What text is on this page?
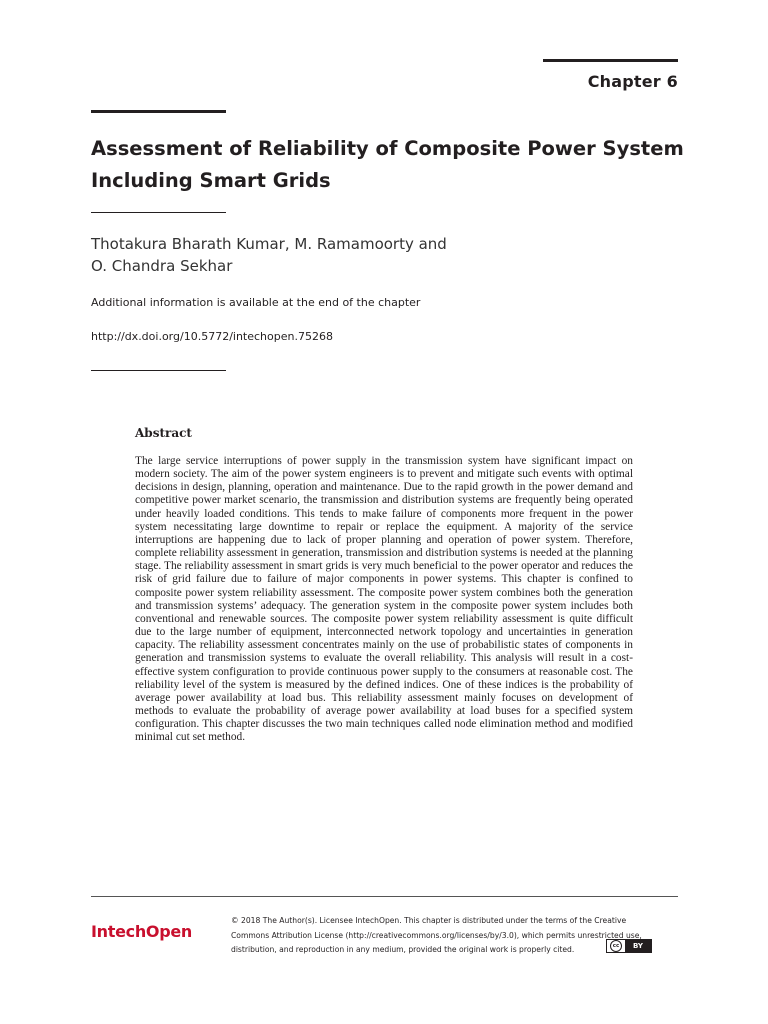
Chapter 6
Assessment of Reliability of Composite Power System Including Smart Grids

Thotakura Bharath Kumar, M. Ramamoorty and
O. Chandra Sekhar

Additional information is available at the end of the chapter

http://dx.doi.org/10.5772/intechopen.75268

Abstract

The large service interruptions of power supply in the transmission system have significant impact on modern society. The aim of the power system engineers is to prevent and mitigate such events with optimal decisions in design, planning, operation and maintenance. Due to the rapid growth in the power demand and competitive power market scenario, the transmission and distribution systems are frequently being operated under heavily loaded conditions. This tends to make failure of components more frequent in the power system necessitating large downtime to repair or replace the equipment. A majority of the service interruptions are happening due to lack of proper planning and operation of power system. Therefore, complete reliability assessment in generation, transmission and distribution systems is needed at the planning stage. The reliability assessment in smart grids is very much beneficial to the power operator and reduces the risk of grid failure due to failure of major components in power systems. This chapter is confined to composite power system reliability assessment. The composite power system combines both the generation and transmission systems’ adequacy. The generation system in the composite power system includes both conventional and renewable sources. The composite power system reliability assessment is quite difficult due to the large number of equipment, interconnected network topology and uncertainties in generation capacity. The reliability assessment concentrates mainly on the use of probabilistic states of components in generation and transmission systems to evaluate the overall reliability. This analysis will result in a cost-effective system configuration to provide continuous power supply to the consumers at reasonable cost. The reliability level of the system is measured by the defined indices. One of these indices is the probability of average power availability at load bus. This reliability assessment mainly focuses on development of methods to evaluate the probability of average power availability at load buses for a specified system configuration. This chapter discusses the two main techniques called node elimination method and modified minimal cut set method.

IntechOpen

© 2018 The Author(s). Licensee IntechOpen. This chapter is distributed under the terms of the Creative
Commons Attribution License (http://creativecommons.org/licenses/by/3.0), which permits unrestricted use,
distribution, and reproduction in any medium, provided the original work is properly cited.	cc	BY
